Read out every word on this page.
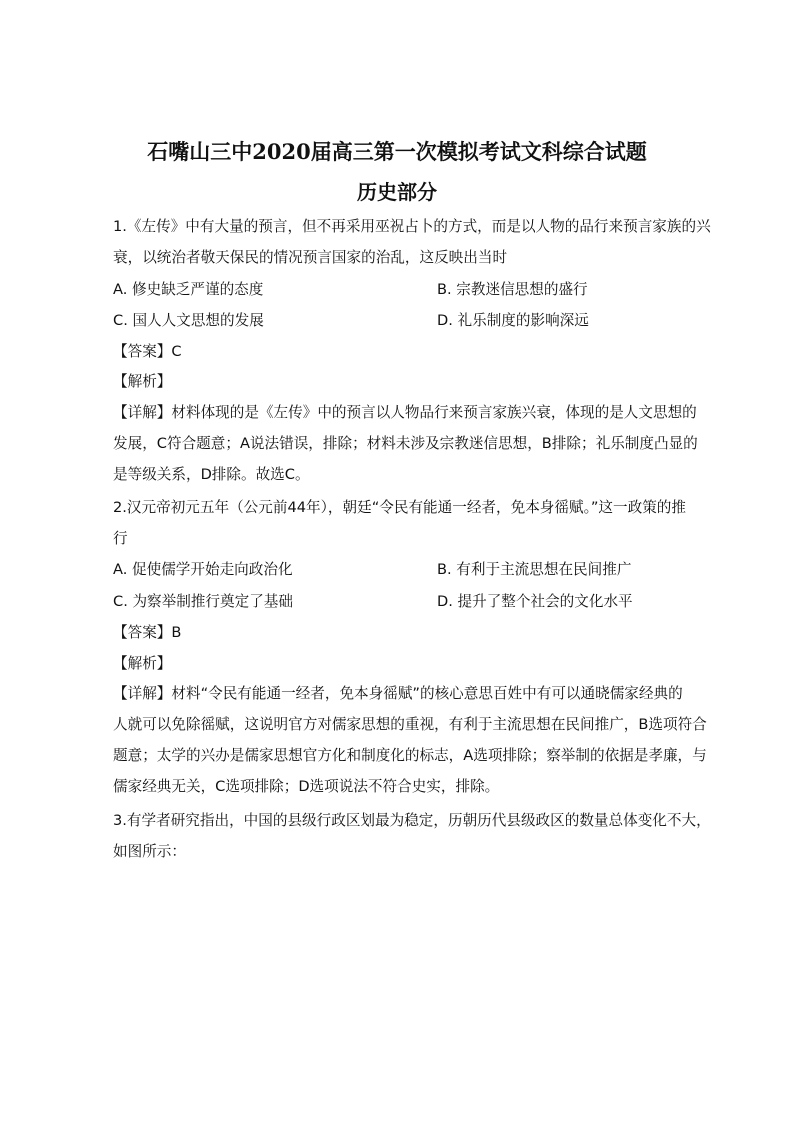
石嘴山三中2020届高三第一次模拟考试文科综合试题
历史部分
1.《左传》中有大量的预言，但不再采用巫祝占卜的方式，而是以人物的品行来预言家族的兴
衰，以统治者敬天保民的情况预言国家的治乱，这反映出当时
A. 修史缺乏严谨的态度	B. 宗教迷信思想的盛行
C. 国人人文思想的发展	D. 礼乐制度的影响深远
【答案】C
【解析】
【详解】材料体现的是《左传》中的预言以人物品行来预言家族兴衰，体现的是人文思想的
发展，C符合题意；A说法错误，排除；材料未涉及宗教迷信思想，B排除；礼乐制度凸显的
是等级关系，D排除。故选C。
2.汉元帝初元五年（公元前44年），朝廷“令民有能通一经者，免本身徭赋。”这一政策的推
行
A. 促使儒学开始走向政治化	B. 有利于主流思想在民间推广
C. 为察举制推行奠定了基础	D. 提升了整个社会的文化水平
【答案】B
【解析】
【详解】材料“令民有能通一经者，免本身徭赋”的核心意思百姓中有可以通晓儒家经典的
人就可以免除徭赋，这说明官方对儒家思想的重视，有利于主流思想在民间推广，B选项符合
题意；太学的兴办是儒家思想官方化和制度化的标志，A选项排除；察举制的依据是孝廉，与
儒家经典无关，C选项排除；D选项说法不符合史实，排除。
3.有学者研究指出，中国的县级行政区划最为稳定，历朝历代县级政区的数量总体变化不大，
如图所示：
